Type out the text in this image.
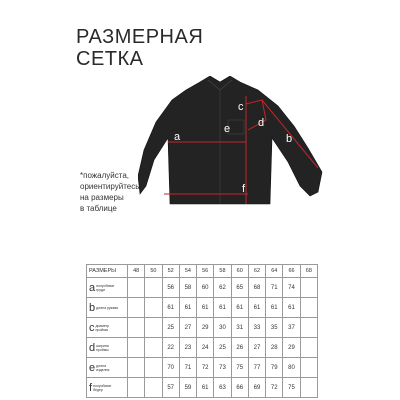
РАЗМЕРНАЯ
СЕТКА
a	b
c
d
e
f
*пожалуйста,
ориентируйтесь
на размеры
в таблице
РАЗМЕРЫ	48	50	52	54	56	58	60	62	64	66	68
aполуобхват груди			56	58	60	62	65	68	71	74	
bдлина рукава			61	61	61	61	61	61	61	61	
cдиаметр проймы			25	27	29	30	31	33	35	37	
dширина проймы			22	23	24	25	26	27	28	29	
eдлина изделия			70	71	72	73	75	77	79	80	
fполуобхват бедер			57	59	61	63	66	69	72	75	
